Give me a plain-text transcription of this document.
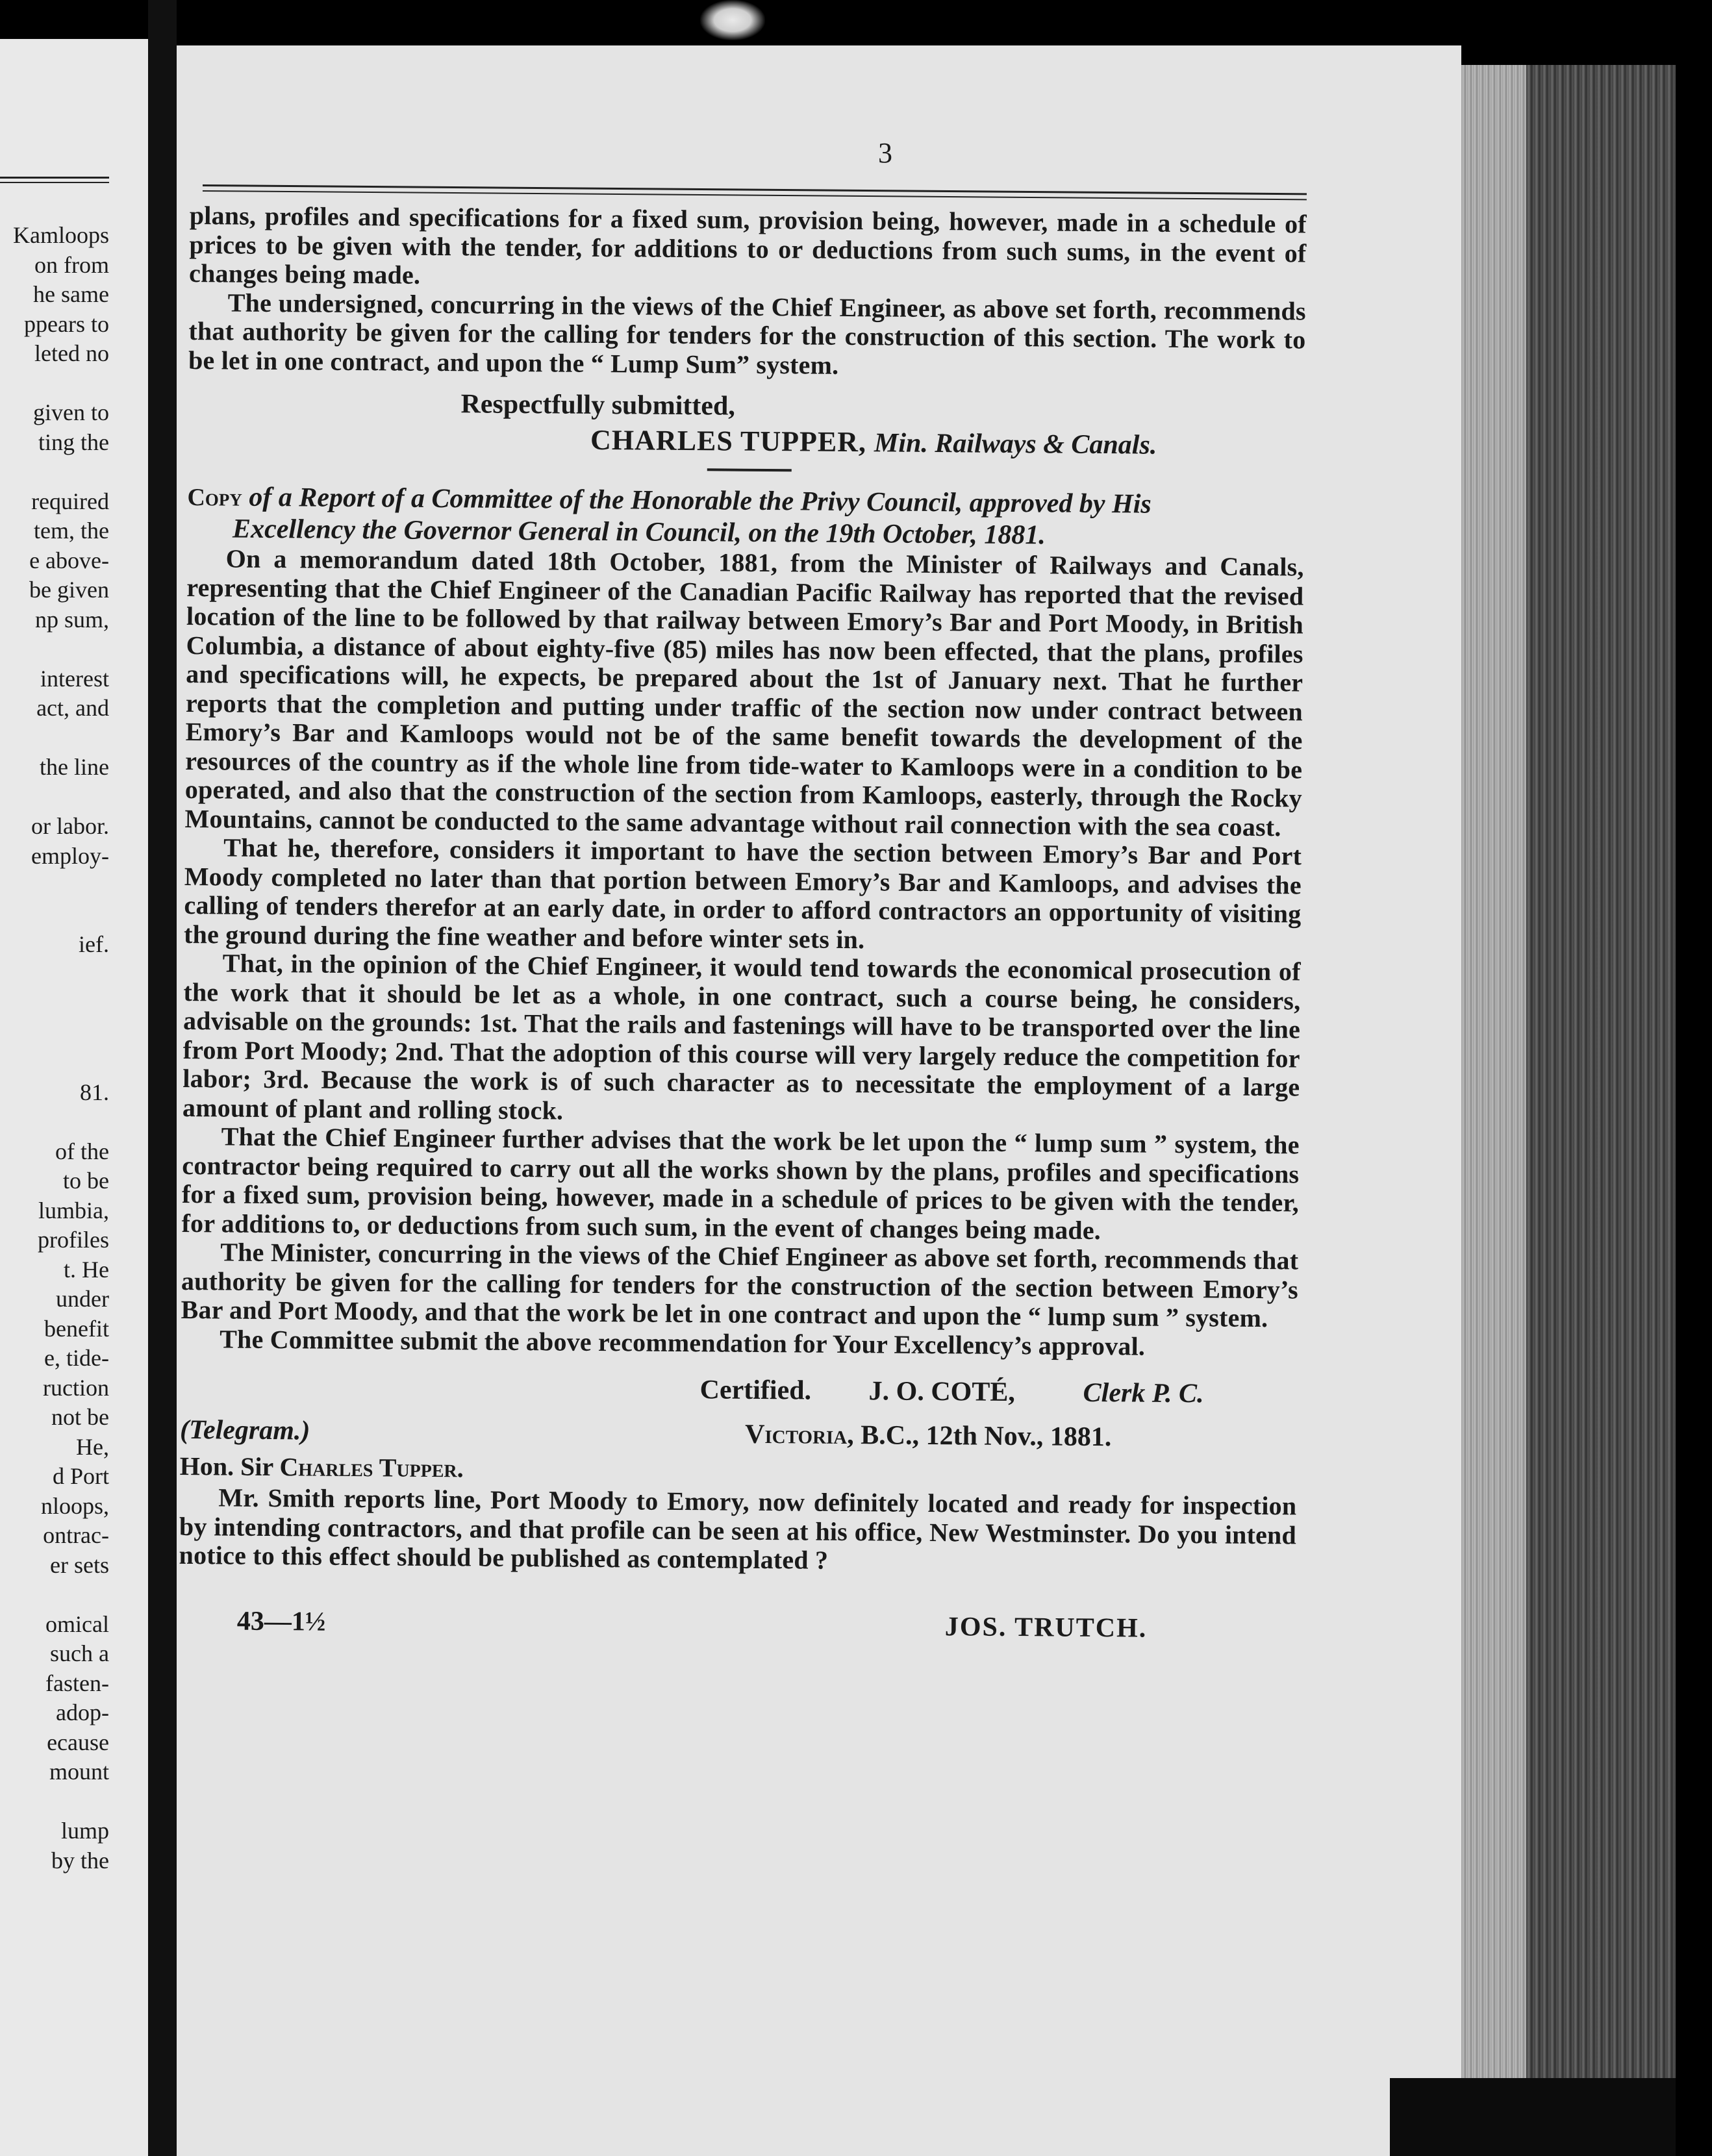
Kamloops
on from
he same
ppears to
leted no
given to
ting the
required
tem, the
e above-
be given
np sum,
interest
act, and
the line
or labor.
employ-
ief.
81.
of the
to be
lumbia,
profiles
t. He
under
benefit
e, tide-
ruction
not be
He,
d Port
nloops,
ontrac-
er sets
omical
such a
fasten-
adop-
ecause
mount
lump
by the
3

plans, profiles and specifications for a fixed sum, provision being, however, made in a schedule of prices to be given with the tender, for additions to or deductions from such sums, in the event of changes being made.

The undersigned, concurring in the views of the Chief Engineer, as above set forth, recommends that authority be given for the calling for tenders for the construction of this section. The work to be let in one contract, and upon the “ Lump Sum” system.

Respectfully submitted,
CHARLES TUPPER, Min. Railways & Canals.

Copy of a Report of a Committee of the Honorable the Privy Council, approved by His
Excellency the Governor General in Council, on the 19th October, 1881.

On a memorandum dated 18th October, 1881, from the Minister of Railways and Canals, representing that the Chief Engineer of the Canadian Pacific Railway has reported that the revised location of the line to be followed by that railway between Emory’s Bar and Port Moody, in British Columbia, a distance of about eighty-five (85) miles has now been effected, that the plans, profiles and specifications will, he expects, be prepared about the 1st of January next. That he further reports that the completion and putting under traffic of the section now under contract between Emory’s Bar and Kamloops would not be of the same benefit towards the development of the resources of the country as if the whole line from tide-water to Kamloops were in a condition to be operated, and also that the construction of the section from Kamloops, easterly, through the Rocky Mountains, cannot be conducted to the same advantage without rail connection with the sea coast.

That he, therefore, considers it important to have the section between Emory’s Bar and Port Moody completed no later than that portion between Emory’s Bar and Kamloops, and advises the calling of tenders therefor at an early date, in order to afford contractors an opportunity of visiting the ground during the fine weather and before winter sets in.

That, in the opinion of the Chief Engineer, it would tend towards the economical prosecution of the work that it should be let as a whole, in one contract, such a course being, he considers, advisable on the grounds: 1st. That the rails and fastenings will have to be transported over the line from Port Moody; 2nd. That the adoption of this course will very largely reduce the competition for labor; 3rd. Because the work is of such character as to necessitate the employment of a large amount of plant and rolling stock.

That the Chief Engineer further advises that the work be let upon the “ lump sum ” system, the contractor being required to carry out all the works shown by the plans, profiles and specifications for a fixed sum, provision being, however, made in a schedule of prices to be given with the tender, for additions to, or deductions from such sum, in the event of changes being made.

The Minister, concurring in the views of the Chief Engineer as above set forth, recommends that authority be given for the calling for tenders for the construction of the section between Emory’s Bar and Port Moody, and that the work be let in one contract and upon the “ lump sum ” system.

The Committee submit the above recommendation for Your Excellency’s approval.

Certified. J. O. COTÉ, Clerk P. C.
(Telegram.)	Victoria, B.C., 12th Nov., 1881.
Hon. Sir Charles Tupper.

Mr. Smith reports line, Port Moody to Emory, now definitely located and ready for inspection by intending contractors, and that profile can be seen at his office, New Westminster. Do you intend notice to this effect should be published as contemplated ?

43—1½	JOS. TRUTCH.
